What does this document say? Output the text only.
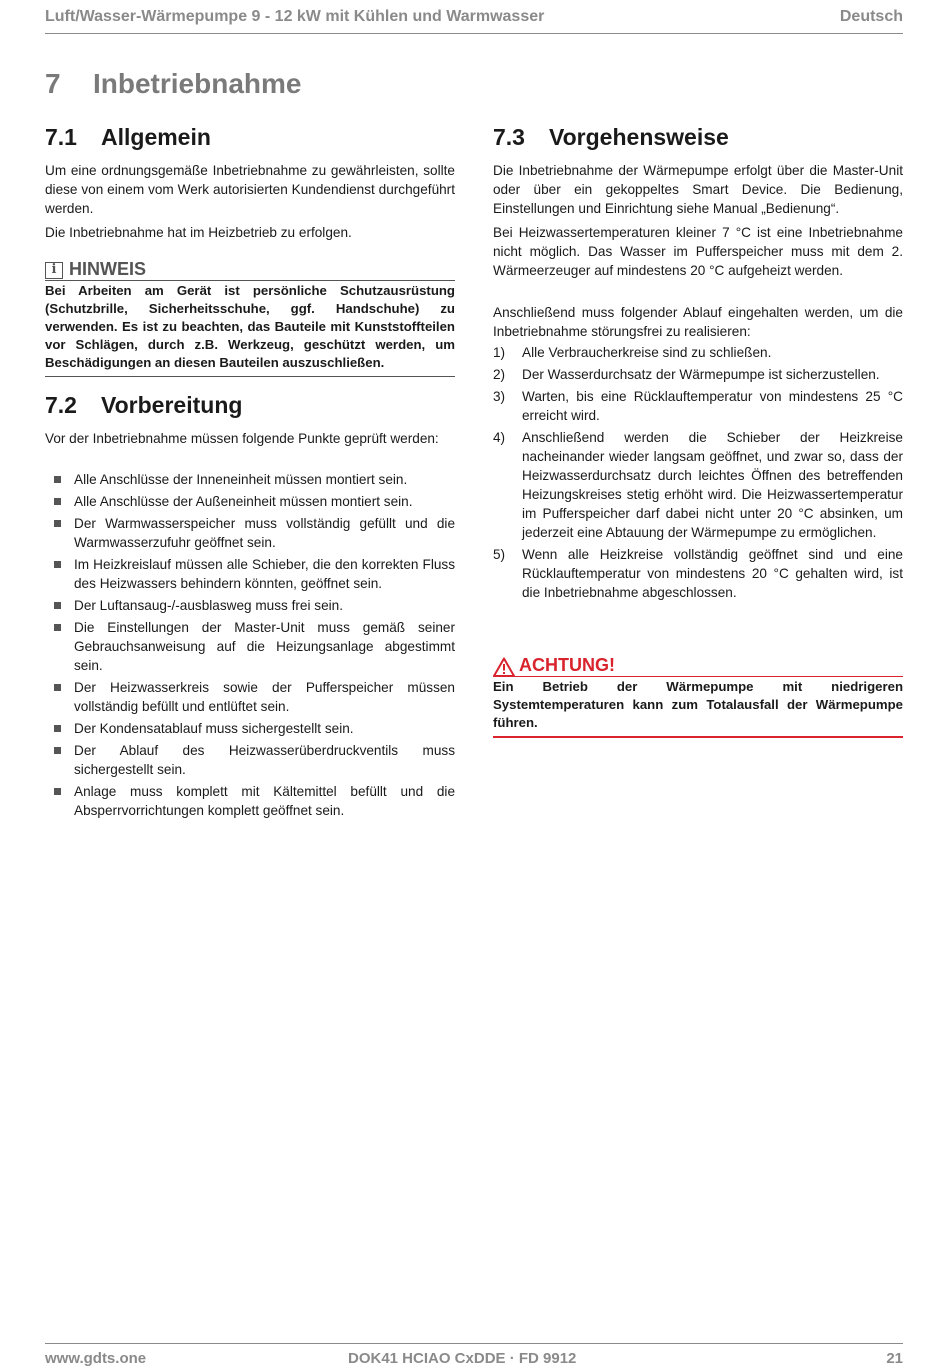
Luft/Wasser-Wärmepumpe 9 - 12 kW mit Kühlen und Warmwasser	Deutsch
7 Inbetriebnahme
7.1 Allgemein

Um eine ordnungsgemäße Inbetriebnahme zu gewährleisten, sollte diese von einem vom Werk autorisierten Kundendienst durchgeführt werden.

Die Inbetriebnahme hat im Heizbetrieb zu erfolgen.

i HINWEIS
Bei Arbeiten am Gerät ist persönliche Schutzausrüstung (Schutzbrille, Sicherheitsschuhe, ggf. Handschuhe) zu verwenden. Es ist zu beachten, das Bauteile mit Kunststoffteilen vor Schlägen, durch z.B. Werkzeug, geschützt werden, um Beschädigungen an diesen Bauteilen auszuschließen.
7.2 Vorbereitung

Vor der Inbetriebnahme müssen folgende Punkte geprüft werden:

Alle Anschlüsse der Inneneinheit müssen montiert sein.
Alle Anschlüsse der Außeneinheit müssen montiert sein.
Der Warmwasserspeicher muss vollständig gefüllt und die Warmwasserzufuhr geöffnet sein.
Im Heizkreislauf müssen alle Schieber, die den korrekten Fluss des Heizwassers behindern könnten, geöffnet sein.
Der Luftansaug-/-ausblasweg muss frei sein.
Die Einstellungen der Master-Unit muss gemäß seiner Gebrauchsanweisung auf die Heizungsanlage abgestimmt sein.
Der Heizwasserkreis sowie der Pufferspeicher müssen vollständig befüllt und entlüftet sein.
Der Kondensatablauf muss sichergestellt sein.
Der Ablauf des Heizwasserüberdruckventils muss sichergestellt sein.
Anlage muss komplett mit Kältemittel befüllt und die Absperrvorrichtungen komplett geöffnet sein.
7.3 Vorgehensweise

Die Inbetriebnahme der Wärmepumpe erfolgt über die Master-Unit oder über ein gekoppeltes Smart Device. Die Bedienung, Einstellungen und Einrichtung siehe Manual „Bedienung“.

Bei Heizwassertemperaturen kleiner 7 °C ist eine Inbetriebnahme nicht möglich. Das Wasser im Pufferspeicher muss mit dem 2. Wärmeerzeuger auf mindestens 20 °C aufgeheizt werden.

Anschließend muss folgender Ablauf eingehalten werden, um die Inbetriebnahme störungsfrei zu realisieren:

1) Alle Verbraucherkreise sind zu schließen.
2) Der Wasserdurchsatz der Wärmepumpe ist sicherzustellen.
3) Warten, bis eine Rücklauftemperatur von mindestens 25 °C erreicht wird.
4) Anschließend werden die Schieber der Heizkreise nacheinander wieder langsam geöffnet, und zwar so, dass der Heizwasserdurchsatz durch leichtes Öffnen des betreffenden Heizungskreises stetig erhöht wird. Die Heizwassertemperatur im Pufferspeicher darf dabei nicht unter 20 °C absinken, um jederzeit eine Abtauung der Wärmepumpe zu ermöglichen.
5) Wenn alle Heizkreise vollständig geöffnet sind und eine Rücklauftemperatur von mindestens 20 °C gehalten wird, ist die Inbetriebnahme abgeschlossen.
ACHTUNG!
Ein Betrieb der Wärmepumpe mit niedrigeren Systemtemperaturen kann zum Totalausfall der Wärmepumpe führen.
www.gdts.one	DOK41 HCIAO CxDDE · FD 9912	21
